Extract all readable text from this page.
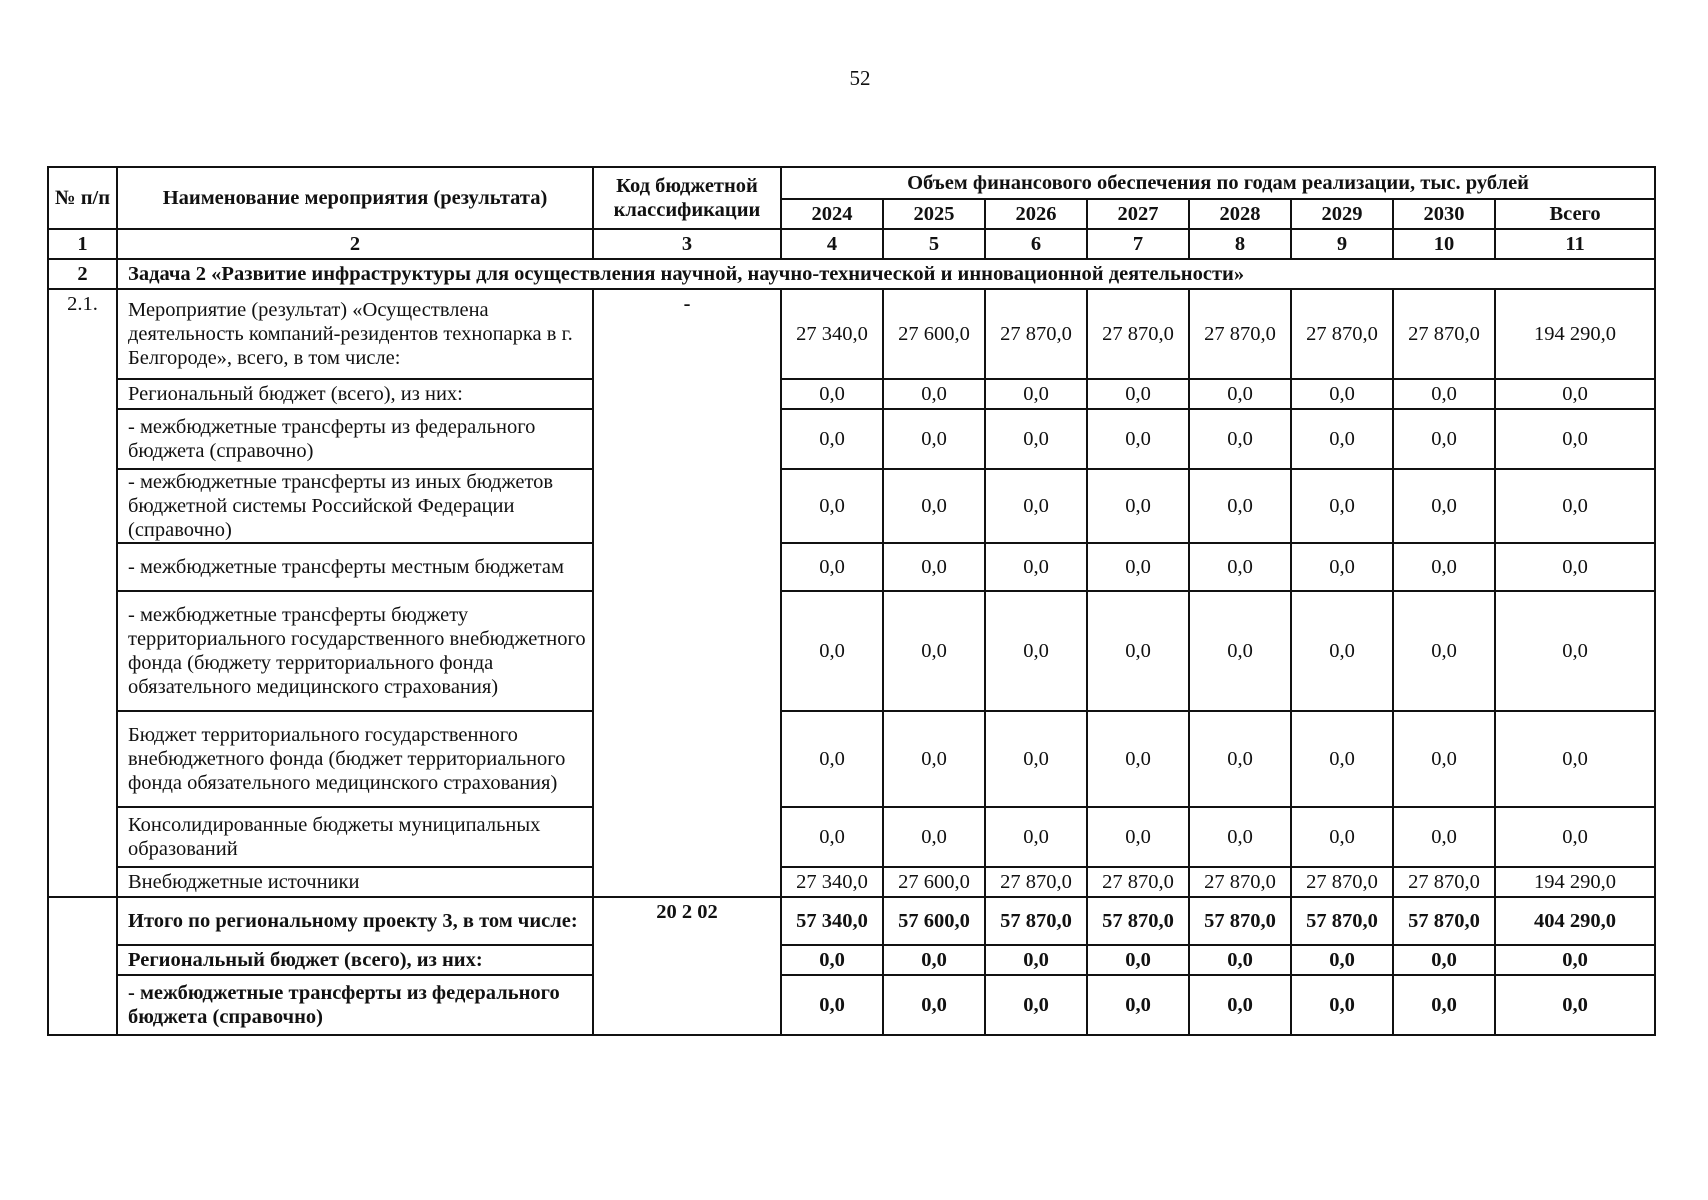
52
№ п/п	Наименование мероприятия (результата)	Код бюджетной классификации	Объем финансового обеспечения по годам реализации, тыс. рублей							
			2024	2025	2026	2027	2028	2029	2030	Всего
1	2	3	4	5	6	7	8	9	10	11
2	Задача 2 «Развитие инфраструктуры для осуществления научной, научно-технической и инновационной деятельности»									
2.1.	Мероприятие (результат) «Осуществлена деятельность компаний-резидентов технопарка в г. Белгороде», всего, в том числе:	-	27 340,0	27 600,0	27 870,0	27 870,0	27 870,0	27 870,0	27 870,0	194 290,0
	Региональный бюджет (всего), из них:		0,0	0,0	0,0	0,0	0,0	0,0	0,0	0,0
	- межбюджетные трансферты из федерального бюджета (справочно)		0,0	0,0	0,0	0,0	0,0	0,0	0,0	0,0
	- межбюджетные трансферты из иных бюджетов бюджетной системы Российской Федерации (справочно)		0,0	0,0	0,0	0,0	0,0	0,0	0,0	0,0
	- межбюджетные трансферты местным бюджетам		0,0	0,0	0,0	0,0	0,0	0,0	0,0	0,0
	- межбюджетные трансферты бюджету территориального государственного внебюджетного фонда (бюджету территориального фонда обязательного медицинского страхования)		0,0	0,0	0,0	0,0	0,0	0,0	0,0	0,0
	Бюджет территориального государственного внебюджетного фонда (бюджет территориального фонда обязательного медицинского страхования)		0,0	0,0	0,0	0,0	0,0	0,0	0,0	0,0
	Консолидированные бюджеты муниципальных образований		0,0	0,0	0,0	0,0	0,0	0,0	0,0	0,0
	Внебюджетные источники		27 340,0	27 600,0	27 870,0	27 870,0	27 870,0	27 870,0	27 870,0	194 290,0
	Итого по региональному проекту 3, в том числе:	20 2 02	57 340,0	57 600,0	57 870,0	57 870,0	57 870,0	57 870,0	57 870,0	404 290,0
	Региональный бюджет (всего), из них:		0,0	0,0	0,0	0,0	0,0	0,0	0,0	0,0
	- межбюджетные трансферты из федерального бюджета (справочно)		0,0	0,0	0,0	0,0	0,0	0,0	0,0	0,0
